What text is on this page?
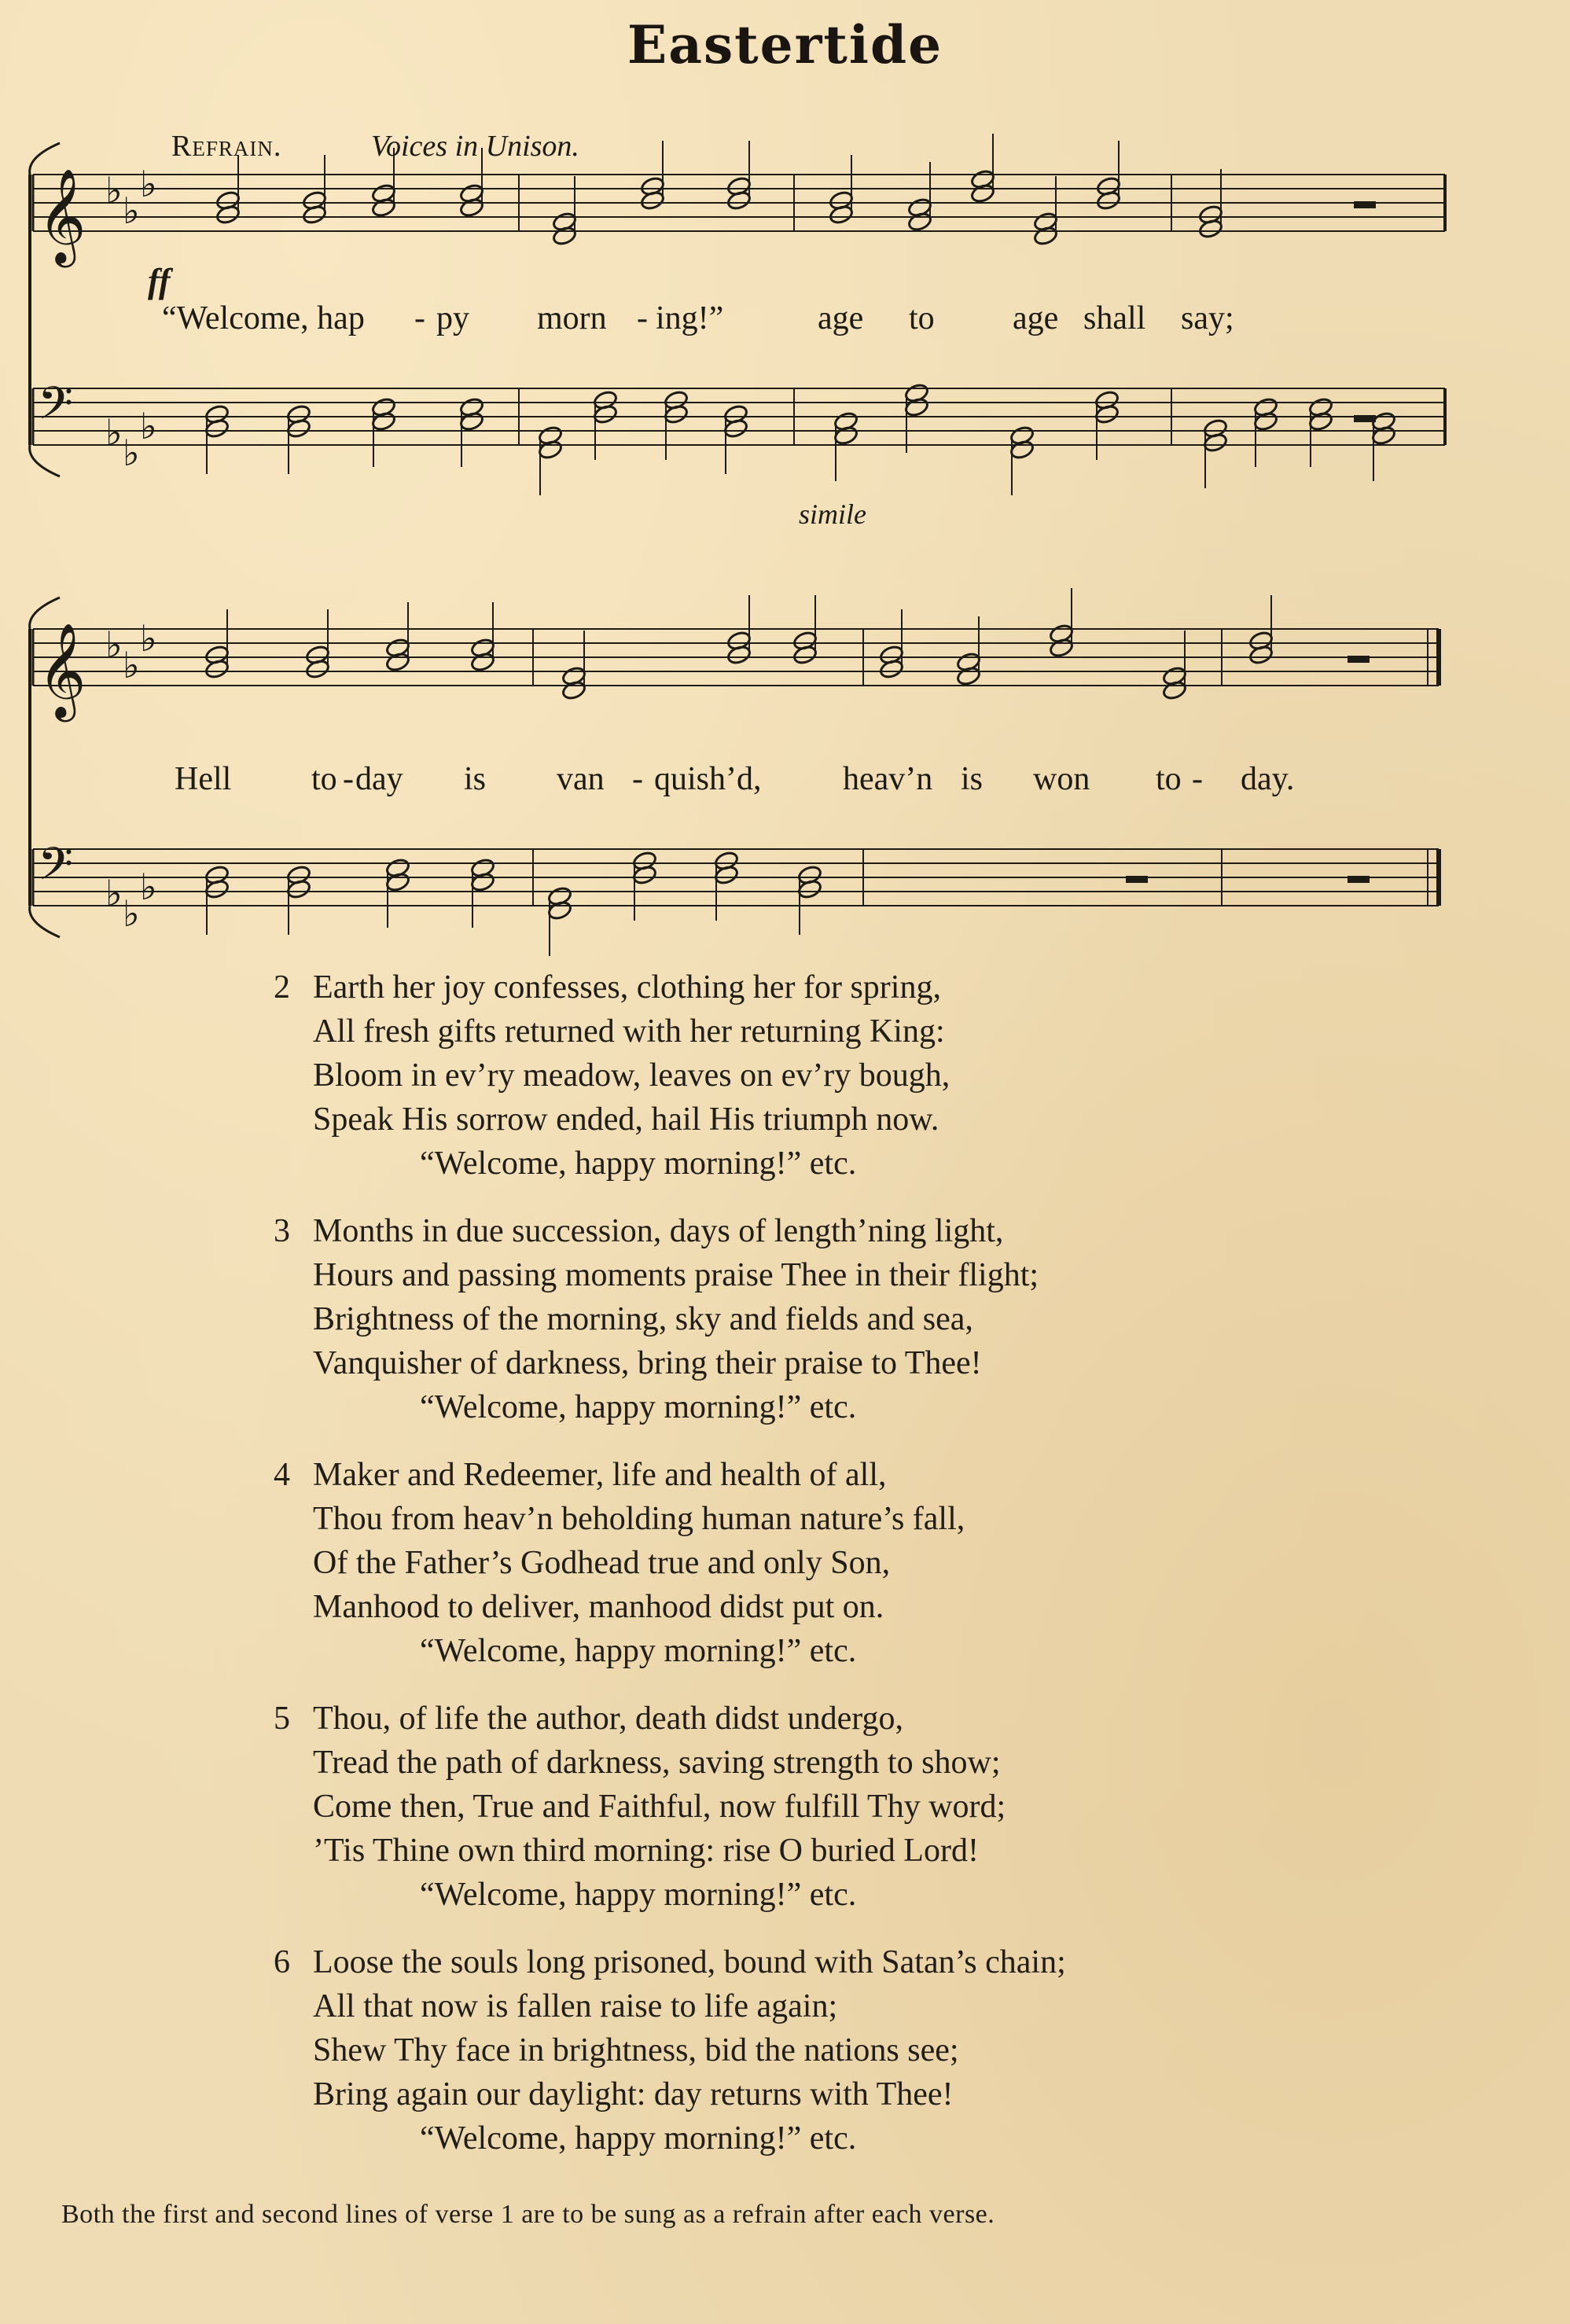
Eastertide
𝄞 ♭ ♭
♭
𝄢 ♭ ♭
♭
𝄞 ♭ ♭
♭
𝄢 ♭ ♭
♭
Refrain.	Voices in Unison.
ff
simile
“Welcome, hap - py morn - ing!”	age to age shall say;
Hell to - day is van - quish’d, heav’n is won to - day.
2 Earth her joy confesses, clothing her for spring,
All fresh gifts returned with her returning King:
Bloom in ev’ry meadow, leaves on ev’ry bough,
Speak His sorrow ended, hail His triumph now.
“Welcome, happy morning!” etc.
3 Months in due succession, days of length’ning light,
Hours and passing moments praise Thee in their flight;
Brightness of the morning, sky and fields and sea,
Vanquisher of darkness, bring their praise to Thee!
“Welcome, happy morning!” etc.
4 Maker and Redeemer, life and health of all,
Thou from heav’n beholding human nature’s fall,
Of the Father’s Godhead true and only Son,
Manhood to deliver, manhood didst put on.
“Welcome, happy morning!” etc.
5 Thou, of life the author, death didst undergo,
Tread the path of darkness, saving strength to show;
Come then, True and Faithful, now fulfill Thy word;
’Tis Thine own third morning: rise O buried Lord!
“Welcome, happy morning!” etc.
6 Loose the souls long prisoned, bound with Satan’s chain;
All that now is fallen raise to life again;
Shew Thy face in brightness, bid the nations see;
Bring again our daylight: day returns with Thee!
“Welcome, happy morning!” etc.
Both the first and second lines of verse 1 are to be sung as a refrain after each verse.
